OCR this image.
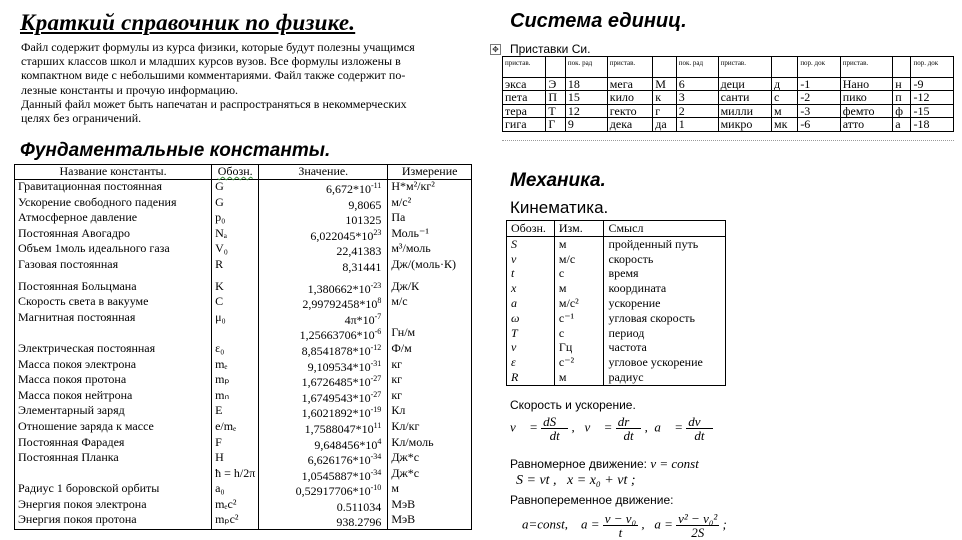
Краткий справочник по физике.
Файл содержит формулы из курса физики, которые будут полезны учащимся
старших классов школ и младших курсов вузов. Все формулы изложены в
компактном виде с небольшими комментариями. Файл также содержит по-
лезные константы и прочую информацию.
Данный файл может быть напечатан и распространяться в некоммерческих
целях без ограничений.
Фундаментальные константы.
Название константы.	Обозн.	Значение.	Измерение
Гравитационная постоянная	G	$6,672*10^{-11}$	Н*м²/кг²
Ускорение свободного падения	G	9,8065	м/с²
Атмосферное давление	p₀	101325	Па
Постоянная Авогадро	Nₐ	$6,022045*10^{23}$	Моль⁻¹
Объем 1моль идеального газа	V₀	22,41383	м³/моль
Газовая постоянная	R	8,31441	Дж/(моль·К)

Постоянная Больцмана	K	$1,380662*10^{-23}$	Дж/К
Скорость света в вакууме	C	$2,99792458*10^8$	м/с
Магнитная постоянная	μ₀	$4\pi*10^{-7}$	
		$1,25663706*10^{-6}$	Гн/м
Электрическая постоянная	ε₀	$8,8541878*10^{-12}$	Ф/м
Масса покоя электрона	mₑ	$9,109534*10^{-31}$	кг
Масса покоя протона	mₚ	$1,6726485*10^{-27}$	кг
Масса покоя нейтрона	mₙ	$1,6749543*10^{-27}$	кг
Элементарный заряд	E	$1,6021892*10^{-19}$	Кл
Отношение заряда к массе	e/mₑ	$1,7588047*10^{11}$	Кл/кг
Постоянная Фарадея	F	$9,648456*10^4$	Кл/моль
Постоянная Планка	H	$6,626176*10^{-34}$	Дж*с
	ħ = h/2π	$1,0545887*10^{-34}$	Дж*с
Радиус 1 боровской орбиты	a₀	$0,52917706*10^{-10}$	м
Энергия покоя электрона	mₑc²	0.511034	МэВ
Энергия покоя протона	mₚc²	938.2796	МэВ
Система единиц.
✥ Приставки Си.
пристав.		пок. рад	пристав.		пок. рад	пристав.		пор. док	пристав.		пор. док
экса	Э	18	мега	М	6	деци	д	-1	Нано	н	-9
пета	П	15	кило	к	3	санти	с	-2	пико	п	-12
тера	Т	12	гекто	г	2	милли	м	-3	фемто	ф	-15
гига	Г	9	дека	да	1	микро	мк	-6	атто	а	-18
Механика.
Кинематика.
Обозн.	Изм.	Смысл
S	м	пройденный путь
v	м/с	скорость
t	с	время
x	м	координата
a	м/с²	ускорение
ω	с⁻¹	угловая скорость
T	с	период
ν	Гц	частота
ε	с⁻²	угловое ускорение
R	м	радиус
Скорость и ускорение.
v⃗ = $\frac{dS⃗}{dt}$ ,   v⃗ = $\frac{dr⃗}{dt}$ ,  a⃗ = $\frac{dv⃗}{dt}$
Равномерное движение: v = const
S = vt ,   x = x₀ + vt ;
Равнопеременное движение:
a=const,    $a = \frac{\text{v − v₀}}{t}$ ,   $a = \frac{\text{v² − v₀²}}{2S}$ ;
